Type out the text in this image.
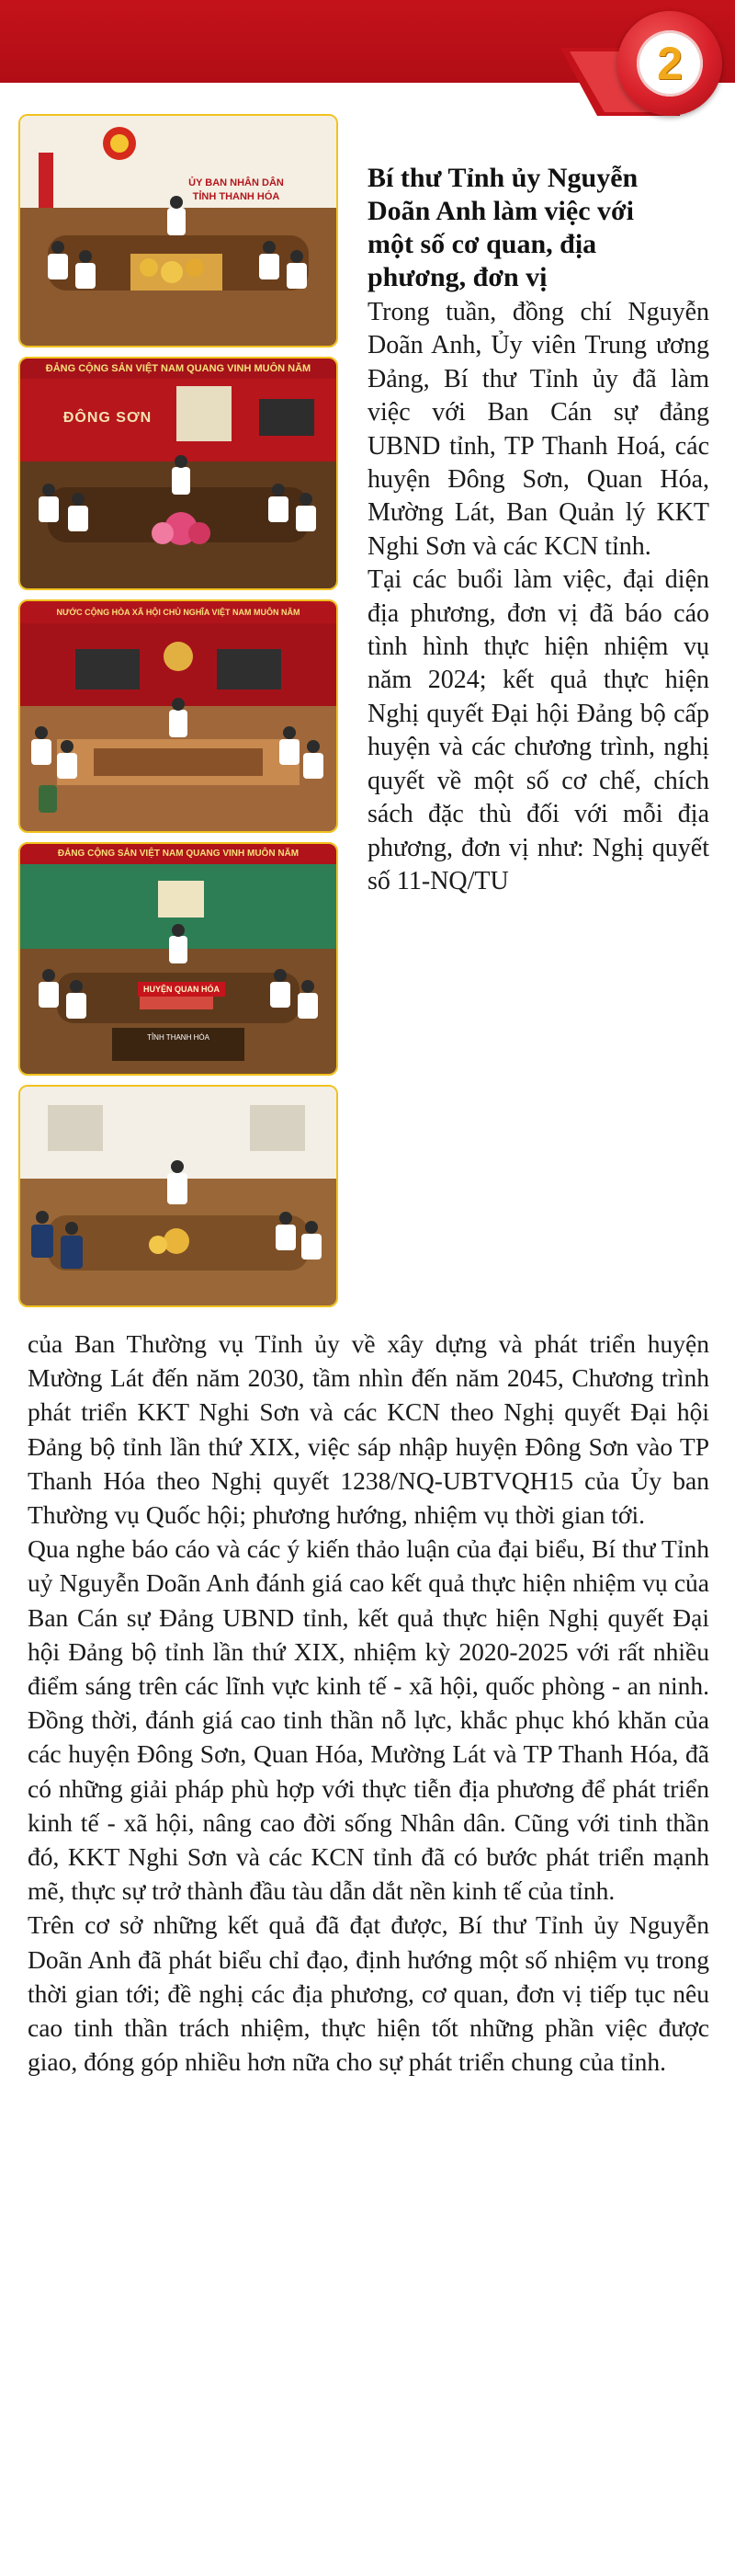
2
ỦY BAN NHÂN DÂN
TỈNH THANH HÓA
ĐẢNG CỘNG SẢN VIỆT NAM QUANG VINH MUÔN NĂM
ĐÔNG SƠN
NƯỚC CỘNG HÒA XÃ HỘI CHỦ NGHĨA VIỆT NAM MUÔN NĂM
ĐẢNG CỘNG SẢN VIỆT NAM QUANG VINH MUÔN NĂM
HUYỆN QUAN HÓA
TỈNH THANH HÓA
Bí thư Tỉnh ủy Nguyễn
Doãn Anh làm việc với
một số cơ quan, địa
phương, đơn vị

Trong tuần, đồng chí Nguyễn Doãn Anh, Ủy viên Trung ương Đảng, Bí thư Tỉnh ủy đã làm việc với Ban Cán sự đảng UBND tỉnh, TP Thanh Hoá, các huyện Đông Sơn, Quan Hóa, Mường Lát, Ban Quản lý KKT Nghi Sơn và các KCN tỉnh.

Tại các buổi làm việc, đại diện địa phương, đơn vị đã báo cáo tình hình thực hiện nhiệm vụ năm 2024; kết quả thực hiện Nghị quyết Đại hội Đảng bộ cấp huyện và các chương trình, nghị quyết về một số cơ chế, chích sách đặc thù đối với mỗi địa phương, đơn vị như: Nghị quyết số 11-NQ/TU

của Ban Thường vụ Tỉnh ủy về xây dựng và phát triển huyện Mường Lát đến năm 2030, tầm nhìn đến năm 2045, Chương trình phát triển KKT Nghi Sơn và các KCN theo Nghị quyết Đại hội Đảng bộ tỉnh lần thứ XIX, việc sáp nhập huyện Đông Sơn vào TP Thanh Hóa theo Nghị quyết 1238/NQ-UBTVQH15 của Ủy ban Thường vụ Quốc hội; phương hướng, nhiệm vụ thời gian tới.

Qua nghe báo cáo và các ý kiến thảo luận của đại biểu, Bí thư Tỉnh uỷ Nguyễn Doãn Anh đánh giá cao kết quả thực hiện nhiệm vụ của Ban Cán sự Đảng UBND tỉnh, kết quả thực hiện Nghị quyết Đại hội Đảng bộ tỉnh lần thứ XIX, nhiệm kỳ 2020-2025 với rất nhiều điểm sáng trên các lĩnh vực kinh tế - xã hội, quốc phòng - an ninh. Đồng thời, đánh giá cao tinh thần nỗ lực, khắc phục khó khăn của các huyện Đông Sơn, Quan Hóa, Mường Lát và TP Thanh Hóa, đã có những giải pháp phù hợp với thực tiễn địa phương để phát triển kinh tế - xã hội, nâng cao đời sống Nhân dân. Cũng với tinh thần đó, KKT Nghi Sơn và các KCN tỉnh đã có bước phát triển mạnh mẽ, thực sự trở thành đầu tàu dẫn dắt nền kinh tế của tỉnh.

Trên cơ sở những kết quả đã đạt được, Bí thư Tỉnh ủy Nguyễn Doãn Anh đã phát biểu chỉ đạo, định hướng một số nhiệm vụ trong thời gian tới; đề nghị các địa phương, cơ quan, đơn vị tiếp tục nêu cao tinh thần trách nhiệm, thực hiện tốt những phần việc được giao, đóng góp nhiều hơn nữa cho sự phát triển chung của tỉnh.
